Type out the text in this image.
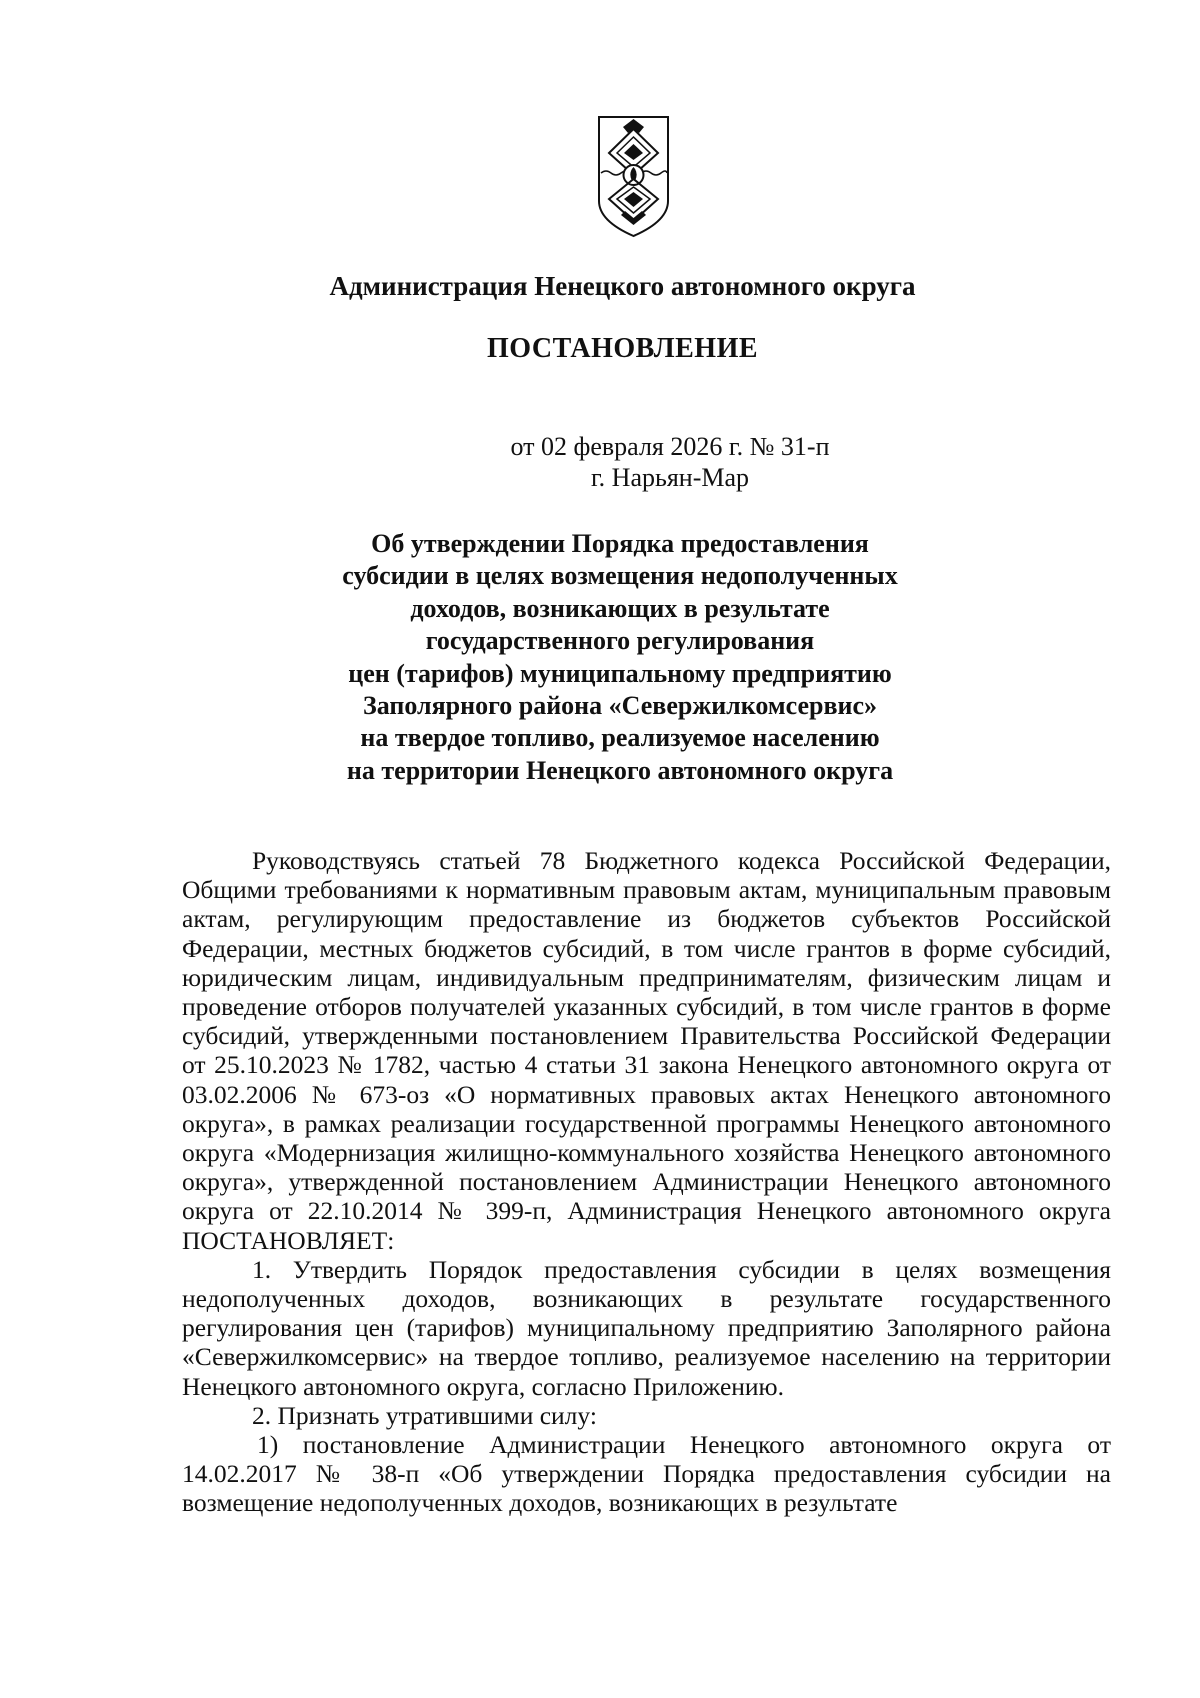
Администрация Ненецкого автономного округа
ПОСТАНОВЛЕНИЕ
от 02 февраля 2026 г. № 31-п
г. Нарьян-Мар
Об утверждении Порядка предоставления
субсидии в целях возмещения недополученных
доходов, возникающих в результате
государственного регулирования
цен (тарифов) муниципальному предприятию
Заполярного района «Севержилкомсервис»
на твердое топливо, реализуемое населению
на территории Ненецкого автономного округа

Руководствуясь статьей 78 Бюджетного кодекса Российской Федерации, Общими требованиями к нормативным правовым актам, муниципальным правовым актам, регулирующим предоставление из бюджетов субъектов Российской Федерации, местных бюджетов субсидий, в том числе грантов в форме субсидий, юридическим лицам, индивидуальным предпринимателям, физическим лицам и проведение отборов получателей указанных субсидий, в том числе грантов в форме субсидий, утвержденными постановлением Правительства Российской Федерации от 25.10.2023 № 1782, частью 4 статьи 31 закона Ненецкого автономного округа от 03.02.2006 № 673-оз «О нормативных правовых актах Ненецкого автономного округа», в рамках реализации государственной программы Ненецкого автономного округа «Модернизация жилищно-коммунального хозяйства Ненецкого автономного округа», утвержденной постановлением Администрации Ненецкого автономного округа от 22.10.2014 № 399-п, Администрация Ненецкого автономного округа ПОСТАНОВЛЯЕТ:

1. Утвердить Порядок предоставления субсидии в целях возмещения недополученных доходов, возникающих в результате государственного регулирования цен (тарифов) муниципальному предприятию Заполярного района «Севержилкомсервис» на твердое топливо, реализуемое населению на территории Ненецкого автономного округа, согласно Приложению.

2. Признать утратившими силу:

1) постановление Администрации Ненецкого автономного округа от 14.02.2017 № 38-п «Об утверждении Порядка предоставления субсидии на возмещение недополученных доходов, возникающих в результате
